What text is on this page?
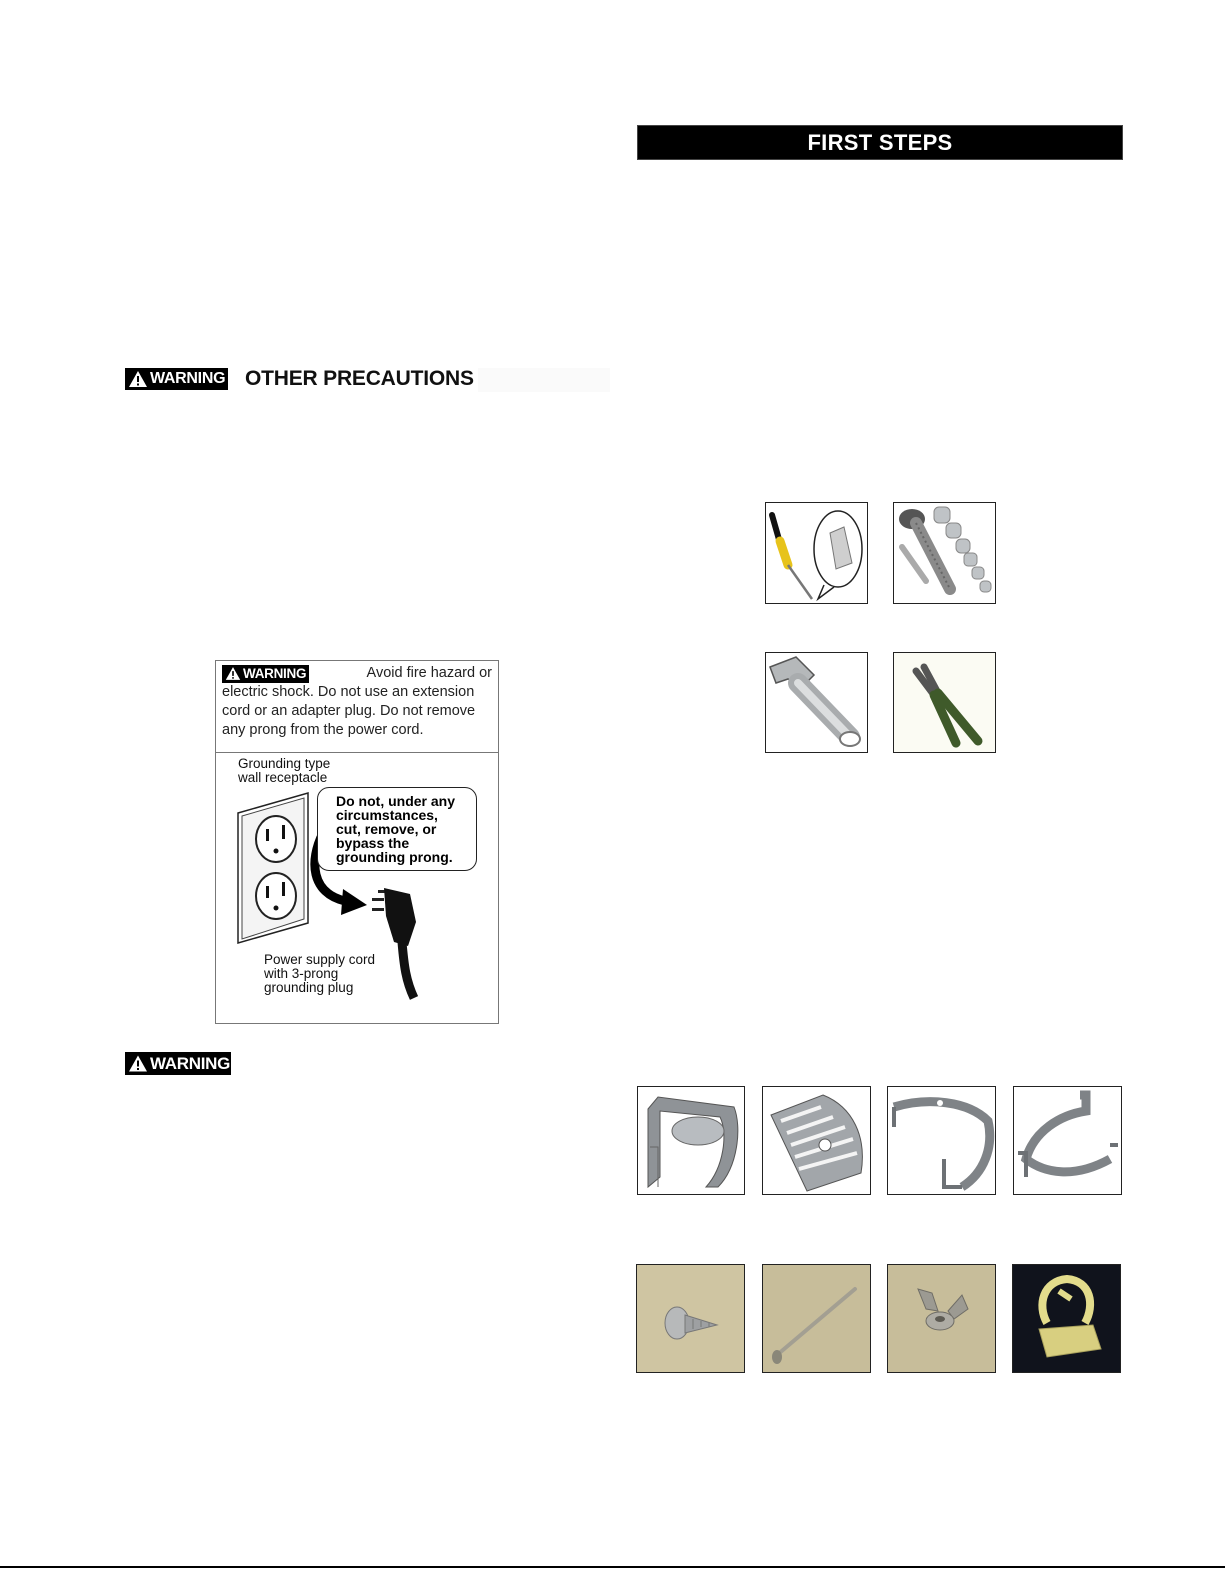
WARNING OTHER PRECAUTIONS
WARNING	Avoid fire hazard or
electric shock. Do not use an extension cord or an adapter plug. Do not remove any prong from the power cord.
Grounding type wall receptacle
Do not, under any circumstances, cut, remove, or bypass the grounding prong.
Power supply cord with 3-prong grounding plug
WARNING
FIRST STEPS
